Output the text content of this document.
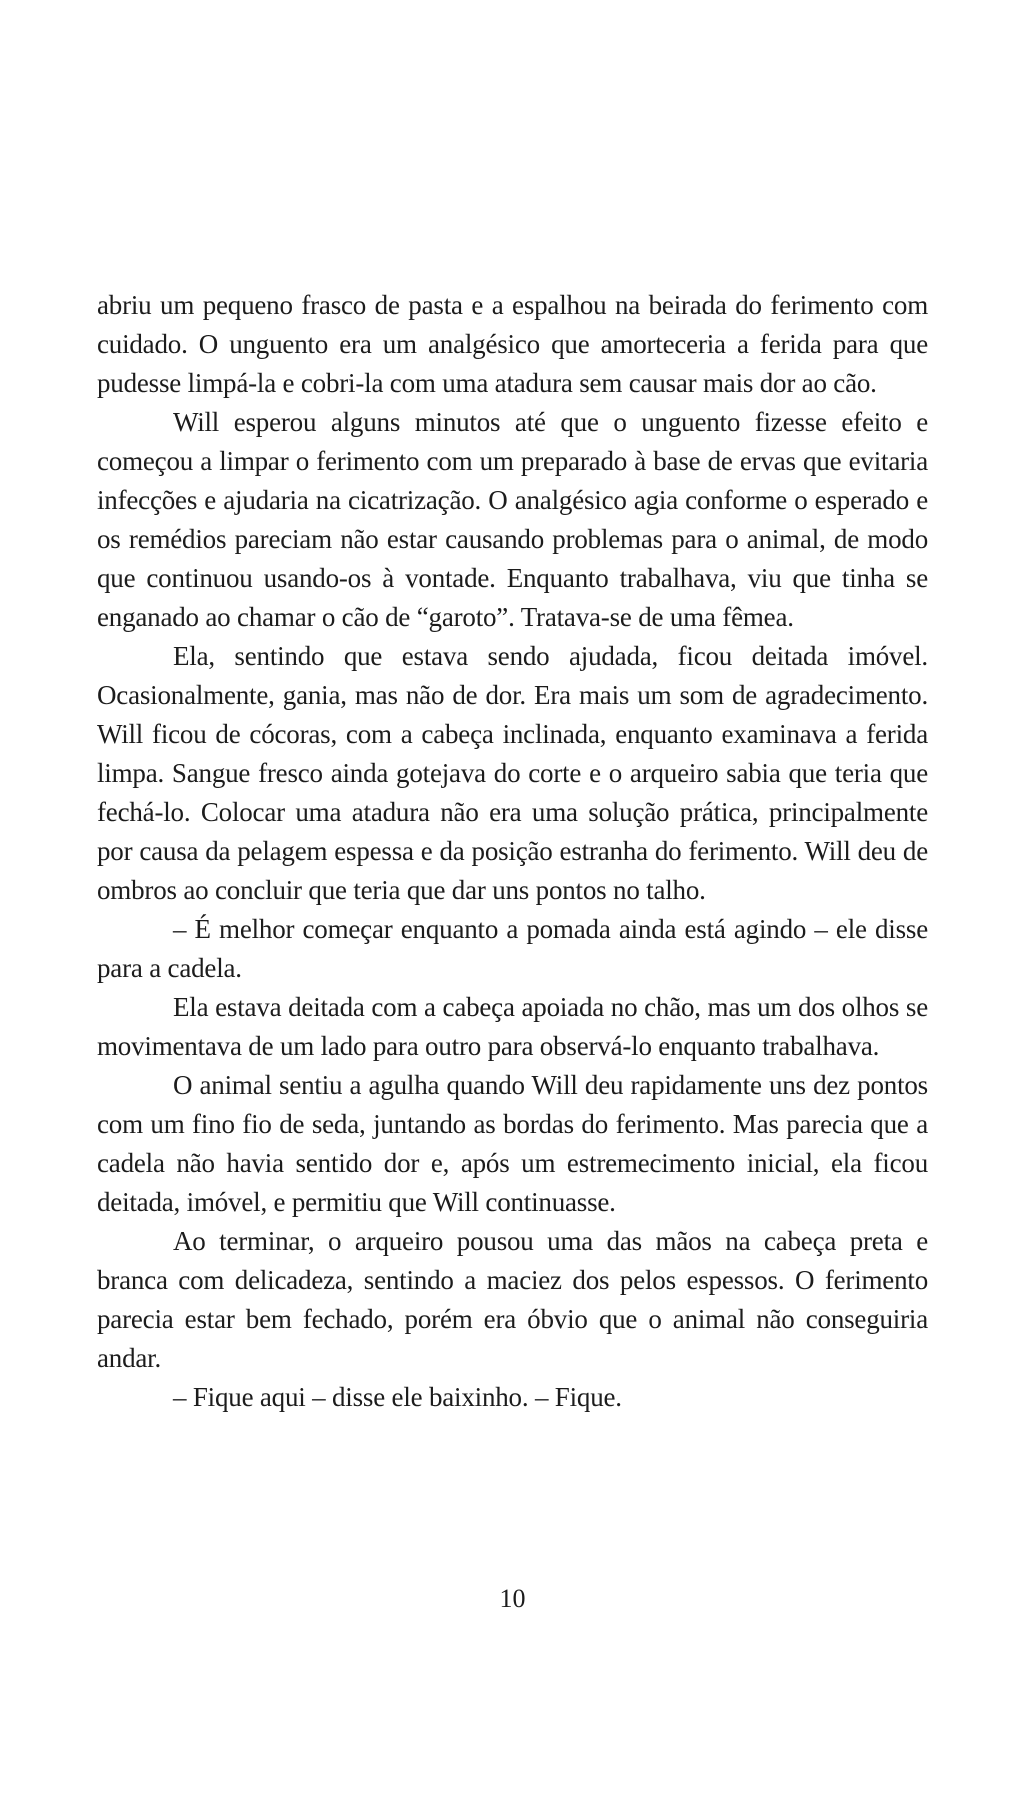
abriu um pequeno frasco de pasta e a espalhou na beirada do ferimento com cuidado. O unguento era um analgésico que amorteceria a ferida para que pudesse limpá-la e cobri-la com uma atadura sem causar mais dor ao cão.

Will esperou alguns minutos até que o unguento fizesse efeito e começou a limpar o ferimento com um preparado à base de ervas que evitaria infecções e ajudaria na cicatrização. O analgésico agia conforme o esperado e os remédios pareciam não estar causando problemas para o animal, de modo que continuou usando-os à vontade. Enquanto trabalhava, viu que tinha se enganado ao chamar o cão de “garoto”. Tratava-se de uma fêmea.

Ela, sentindo que estava sendo ajudada, ficou deitada imóvel. Ocasionalmente, gania, mas não de dor. Era mais um som de agradecimento. Will ficou de cócoras, com a cabeça inclinada, enquanto examinava a ferida limpa. Sangue fresco ainda gotejava do corte e o arqueiro sabia que teria que fechá-lo. Colocar uma atadura não era uma solução prática, principalmente por causa da pelagem espessa e da posição estranha do ferimento. Will deu de ombros ao concluir que teria que dar uns pontos no talho.

– É melhor começar enquanto a pomada ainda está agindo – ele disse para a cadela.

Ela estava deitada com a cabeça apoiada no chão, mas um dos olhos se movimentava de um lado para outro para observá-lo enquanto trabalhava.

O animal sentiu a agulha quando Will deu rapidamente uns dez pontos com um fino fio de seda, juntando as bordas do ferimento. Mas parecia que a cadela não havia sentido dor e, após um estremecimento inicial, ela ficou deitada, imóvel, e permitiu que Will continuasse.

Ao terminar, o arqueiro pousou uma das mãos na cabeça preta e branca com delicadeza, sentindo a maciez dos pelos espessos. O ferimento parecia estar bem fechado, porém era óbvio que o animal não conseguiria andar.

– Fique aqui – disse ele baixinho. – Fique.

10
